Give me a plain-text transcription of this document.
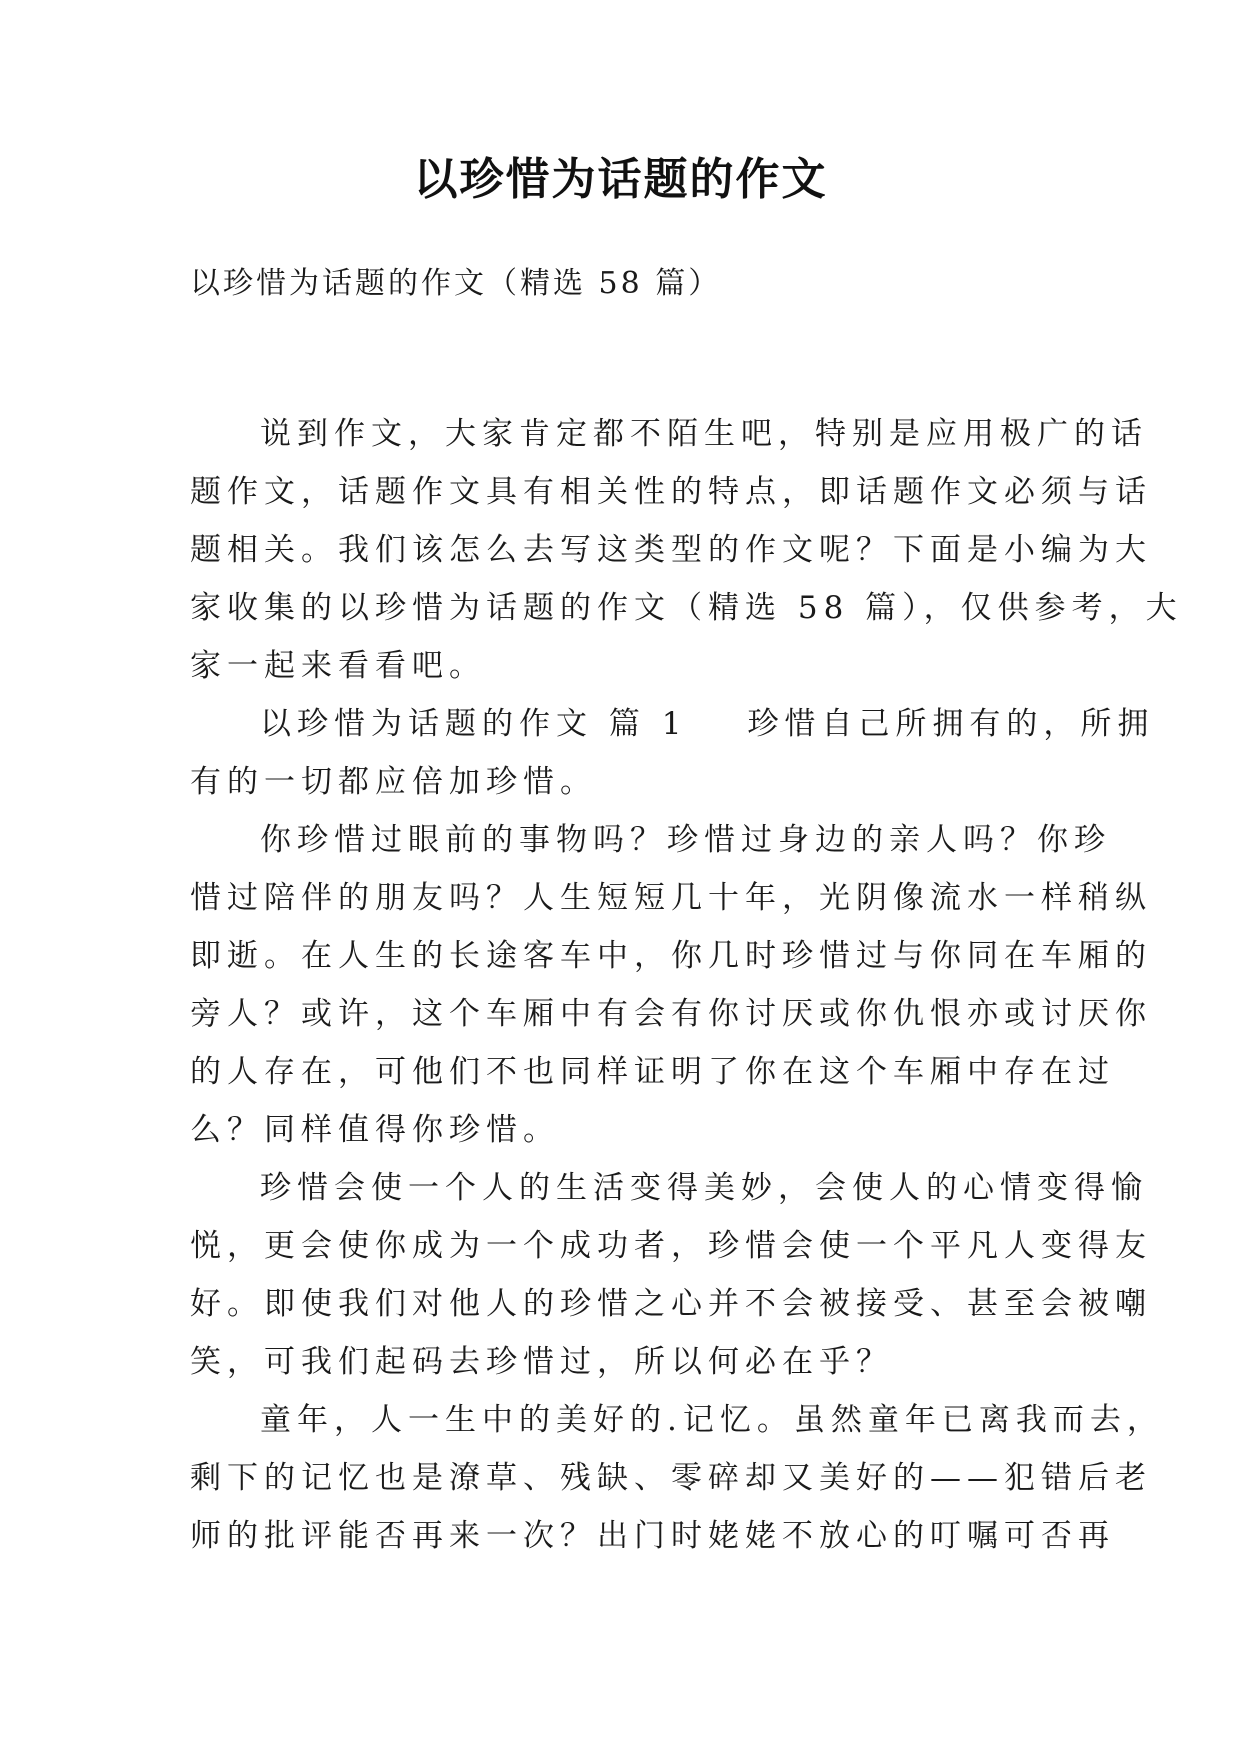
以珍惜为话题的作文
以珍惜为话题的作文（精选 58 篇）
说到作文，大家肯定都不陌生吧，特别是应用极广的话
题作文，话题作文具有相关性的特点，即话题作文必须与话
题相关。我们该怎么去写这类型的作文呢？下面是小编为大
家收集的以珍惜为话题的作文（精选 58 篇），仅供参考，大
家一起来看看吧。
以珍惜为话题的作文 篇 1 珍惜自己所拥有的，所拥
有的一切都应倍加珍惜。
你珍惜过眼前的事物吗？珍惜过身边的亲人吗？你珍
惜过陪伴的朋友吗？人生短短几十年，光阴像流水一样稍纵
即逝。在人生的长途客车中，你几时珍惜过与你同在车厢的
旁人？或许，这个车厢中有会有你讨厌或你仇恨亦或讨厌你
的人存在，可他们不也同样证明了你在这个车厢中存在过
么？同样值得你珍惜。
珍惜会使一个人的生活变得美妙，会使人的心情变得愉
悦，更会使你成为一个成功者，珍惜会使一个平凡人变得友
好。即使我们对他人的珍惜之心并不会被接受、甚至会被嘲
笑，可我们起码去珍惜过，所以何必在乎？
童年，人一生中的美好的.记忆。虽然童年已离我而去，
剩下的记忆也是潦草、残缺、零碎却又美好的——犯错后老
师的批评能否再来一次？出门时姥姥不放心的叮嘱可否再
